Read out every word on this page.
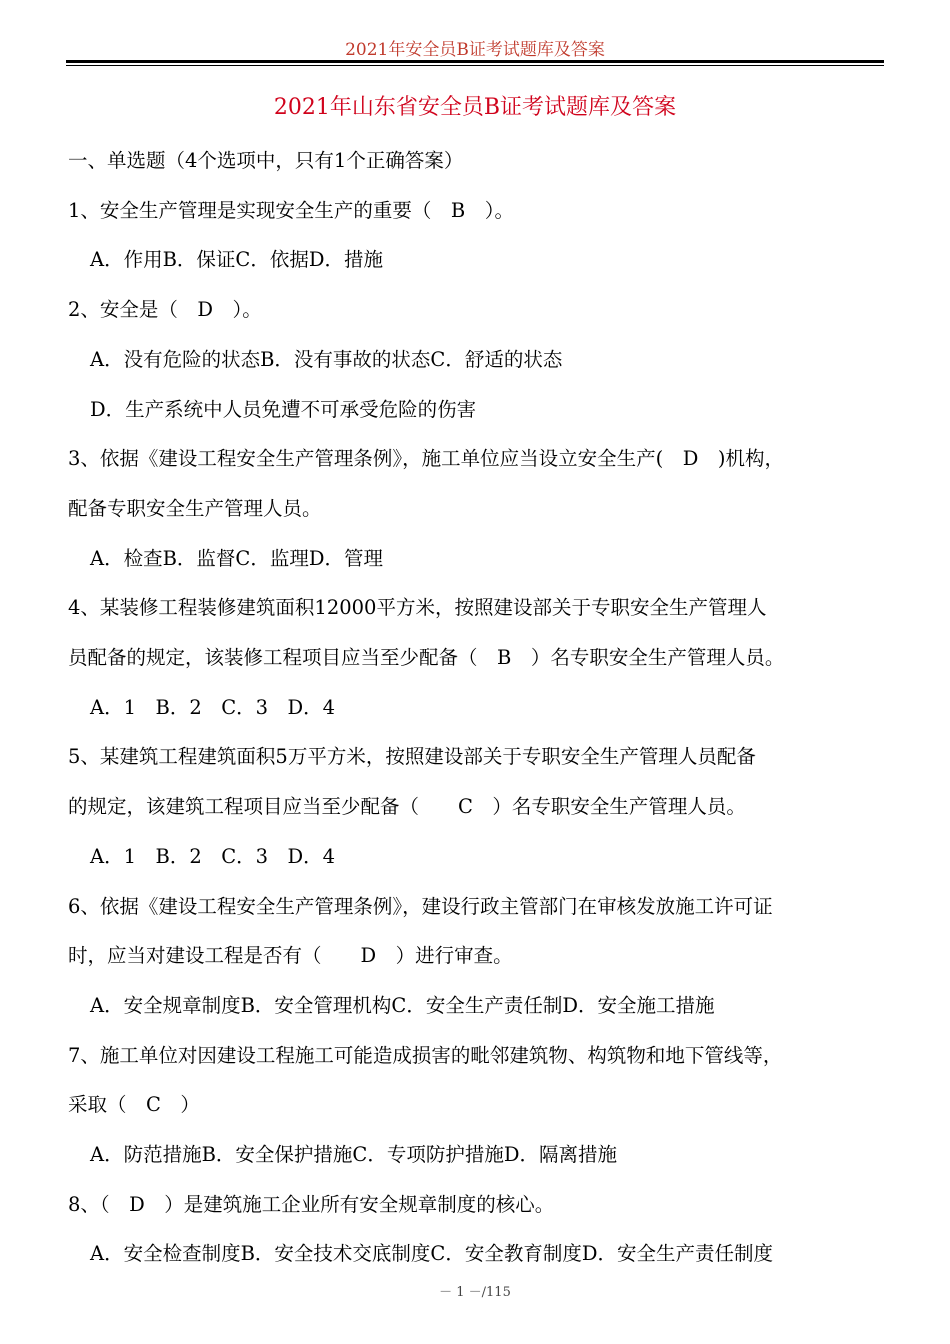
2021年安全员B证考试题库及答案
2021年山东省安全员B证考试题库及答案
一、单选题（4个选项中，只有1个正确答案）
1、安全生产管理是实现安全生产的重要（　B　）。
A．作用B．保证C．依据D．措施
2、安全是（　D　）。
A．没有危险的状态B．没有事故的状态C．舒适的状态
D．生产系统中人员免遭不可承受危险的伤害
3、依据《建设工程安全生产管理条例》，施工单位应当设立安全生产(　D　)机构，
配备专职安全生产管理人员。
A．检查B．监督C．监理D．管理
4、某装修工程装修建筑面积12000平方米，按照建设部关于专职安全生产管理人
员配备的规定，该装修工程项目应当至少配备（　B　）名专职安全生产管理人员。
A．1　B．2　C．3　D．4
5、某建筑工程建筑面积5万平方米，按照建设部关于专职安全生产管理人员配备
的规定，该建筑工程项目应当至少配备（　　C　）名专职安全生产管理人员。
A．1　B．2　C．3　D．4
6、依据《建设工程安全生产管理条例》，建设行政主管部门在审核发放施工许可证
时，应当对建设工程是否有（　　D　）进行审查。
A．安全规章制度B．安全管理机构C．安全生产责任制D．安全施工措施
7、施工单位对因建设工程施工可能造成损害的毗邻建筑物、构筑物和地下管线等，
采取（　C　）
A．防范措施B．安全保护措施C．专项防护措施D．隔离措施
8、（　D　）是建筑施工企业所有安全规章制度的核心。
A．安全检查制度B．安全技术交底制度C．安全教育制度D．安全生产责任制度
－ 1 －/115
